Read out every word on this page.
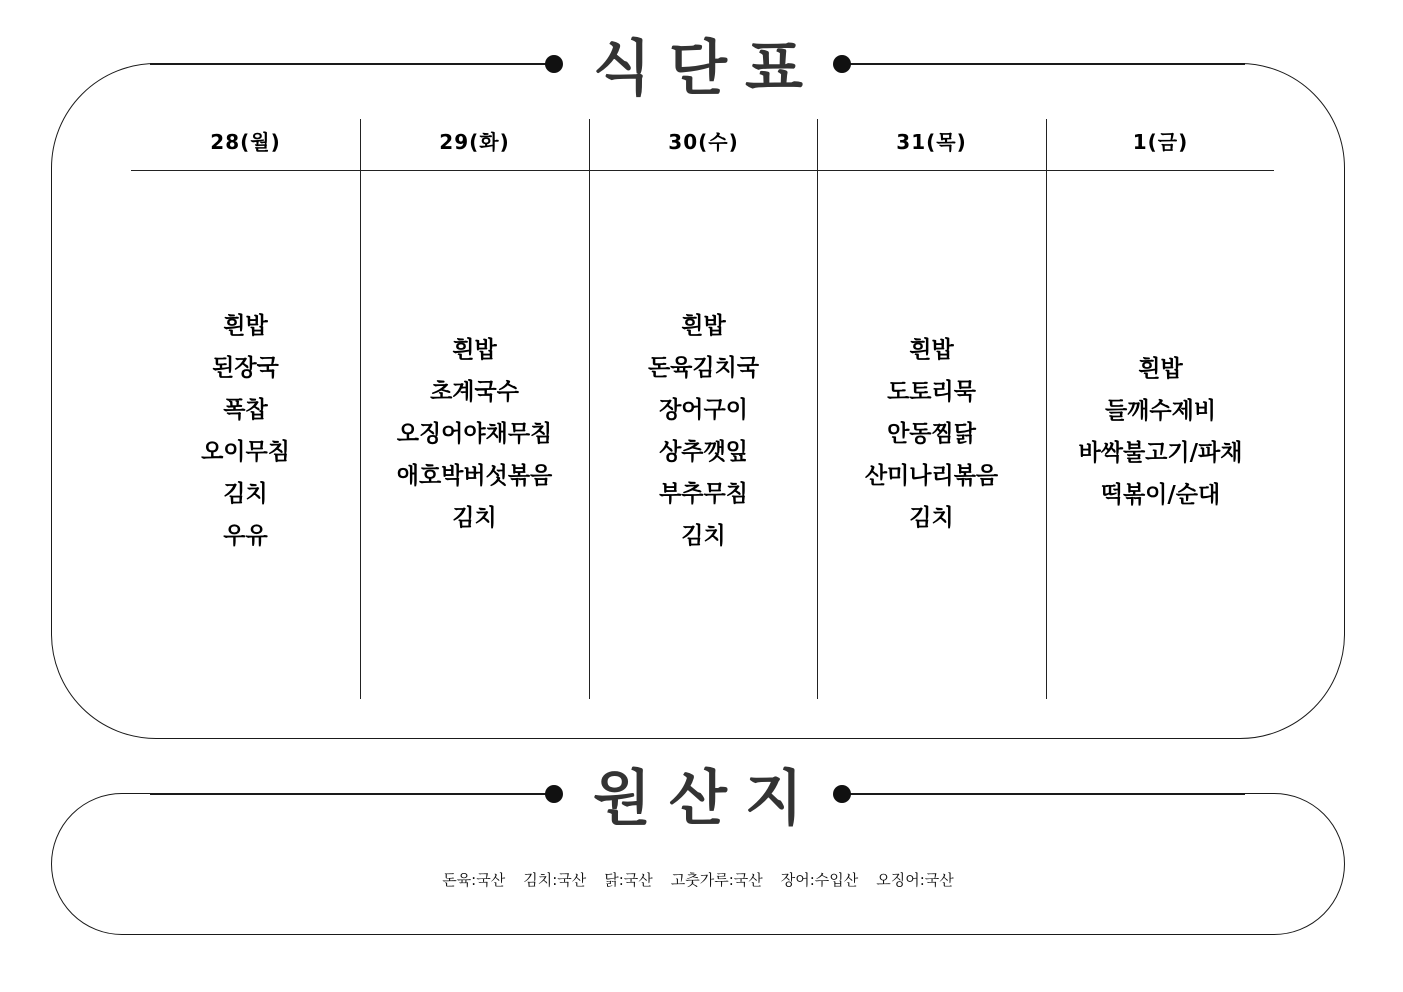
식단표
28(월)
흰밥
된장국
폭찹
오이무침
김치
우유
29(화)
흰밥
초계국수
오징어야채무침
애호박버섯볶음
김치
30(수)
흰밥
돈육김치국
장어구이
상추깻잎
부추무침
김치
31(목)
흰밥
도토리묵
안동찜닭
산미나리볶음
김치
1(금)
흰밥
들깨수제비
바싹불고기/파채
떡볶이/순대
원산지
돈육:국산 김치:국산 닭:국산 고춧가루:국산 장어:수입산 오징어:국산
